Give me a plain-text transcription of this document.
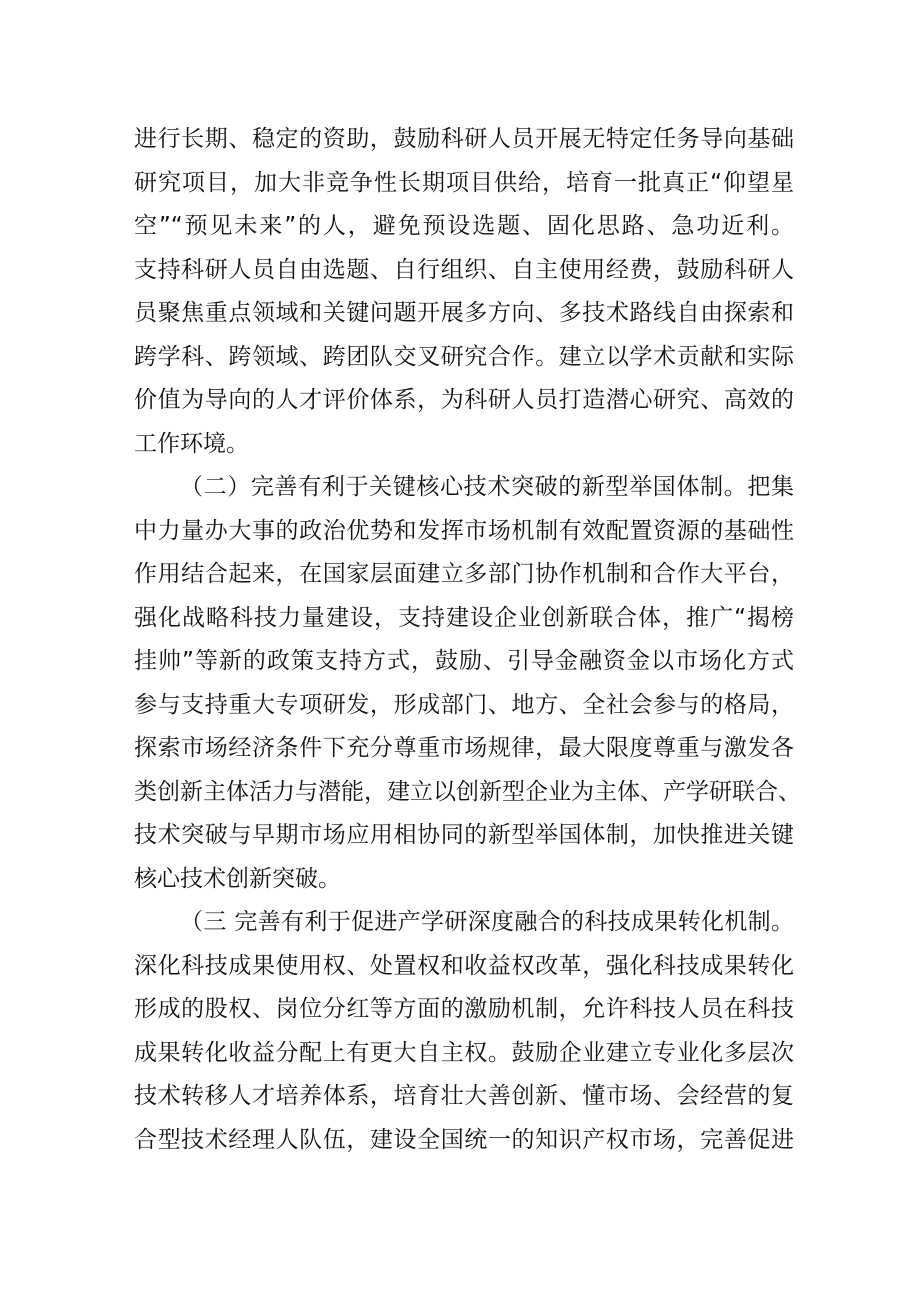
进行长期、稳定的资助，鼓励科研人员开展无特定任务导向基础
研究项目，加大非竞争性长期项目供给，培育一批真正“仰望星
空”“预见未来”的人，避免预设选题、固化思路、急功近利。
支持科研人员自由选题、自行组织、自主使用经费，鼓励科研人
员聚焦重点领域和关键问题开展多方向、多技术路线自由探索和
跨学科、跨领域、跨团队交叉研究合作。建立以学术贡献和实际
价值为导向的人才评价体系，为科研人员打造潜心研究、高效的
工作环境。
（二）完善有利于关键核心技术突破的新型举国体制。把集
中力量办大事的政治优势和发挥市场机制有效配置资源的基础性
作用结合起来，在国家层面建立多部门协作机制和合作大平台，
强化战略科技力量建设，支持建设企业创新联合体，推广“揭榜
挂帅”等新的政策支持方式，鼓励、引导金融资金以市场化方式
参与支持重大专项研发，形成部门、地方、全社会参与的格局，
探索市场经济条件下充分尊重市场规律，最大限度尊重与激发各
类创新主体活力与潜能，建立以创新型企业为主体、产学研联合、
技术突破与早期市场应用相协同的新型举国体制，加快推进关键
核心技术创新突破。
（三 完善有利于促进产学研深度融合的科技成果转化机制。
深化科技成果使用权、处置权和收益权改革，强化科技成果转化
形成的股权、岗位分红等方面的激励机制，允许科技人员在科技
成果转化收益分配上有更大自主权。鼓励企业建立专业化多层次
技术转移人才培养体系，培育壮大善创新、懂市场、会经营的复
合型技术经理人队伍，建设全国统一的知识产权市场，完善促进
